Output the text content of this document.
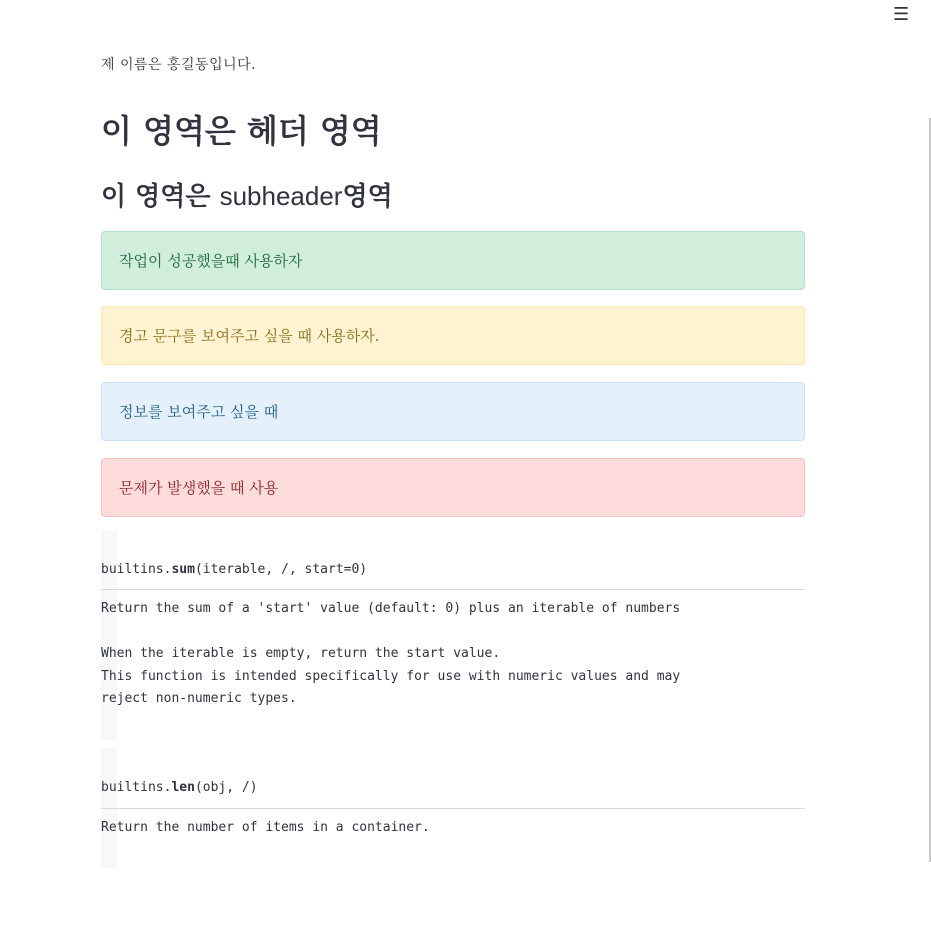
☰
제 이름은 홍길동입니다.
이 영역은 헤더 영역
이 영역은 subheader영역
작업이 성공했을때 사용하자
경고 문구를 보여주고 싶을 때 사용하자.
정보를 보여주고 싶을 때
문제가 발생했을 때 사용
builtins.sum(iterable, /, start=0)
Return the sum of a 'start' value (default: 0) plus an iterable of numbers

When the iterable is empty, return the start value.
This function is intended specifically for use with numeric values and may
reject non-numeric types.
builtins.len(obj, /)
Return the number of items in a container.
